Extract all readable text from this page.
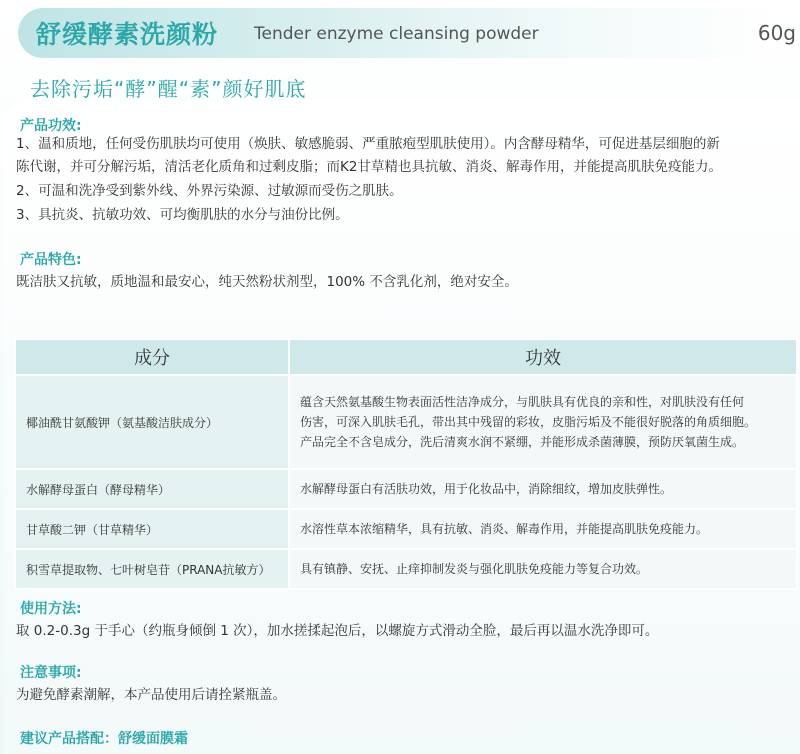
舒缓酵素洗颜粉 Tender enzyme cleansing powder	60g
去除污垢“酵”醒“素”颜好肌底
产品功效:
1、温和质地，任何受伤肌肤均可使用（焕肤、敏感脆弱、严重脓疱型肌肤使用）。内含酵母精华，可促进基层细胞的新
陈代谢，并可分解污垢，清活老化质角和过剩皮脂；而K2甘草精也具抗敏、消炎、解毒作用，并能提高肌肤免疫能力。
2、可温和洗净受到紫外线、外界污染源、过敏源而受伤之肌肤。
3、具抗炎、抗敏功效、可均衡肌肤的水分与油份比例。
产品特色:
既洁肤又抗敏，质地温和最安心，纯天然粉状剂型，100% 不含乳化剂，绝对安全。
使用方法:
取 0.2-0.3g 于手心（约瓶身倾倒 1 次），加水搓揉起泡后，以螺旋方式滑动全脸，最后再以温水洗净即可。
注意事项:
为避免酵素潮解，本产品使用后请拴紧瓶盖。
建议产品搭配：舒缓面膜霜
成分	功效
椰油酰甘氨酸钾（氨基酸洁肤成分）	蕴含天然氨基酸生物表面活性洁净成分，与肌肤具有优良的亲和性，对肌肤没有任何
伤害，可深入肌肤毛孔，带出其中残留的彩妆，皮脂污垢及不能很好脱落的角质细胞。
产品完全不含皂成分，洗后清爽水润不紧绷，并能形成杀菌薄膜，预防厌氧菌生成。

水解酵母蛋白（酵母精华）	水解酵母蛋白有活肤功效，用于化妆品中，消除细纹，增加皮肤弹性。

甘草酸二钾（甘草精华）	水溶性草本浓缩精华，具有抗敏、消炎、解毒作用，并能提高肌肤免疫能力。

积雪草提取物、七叶树皂苷（PRANA抗敏方）	具有镇静、安抚、止痒抑制发炎与强化肌肤免疫能力等复合功效。
